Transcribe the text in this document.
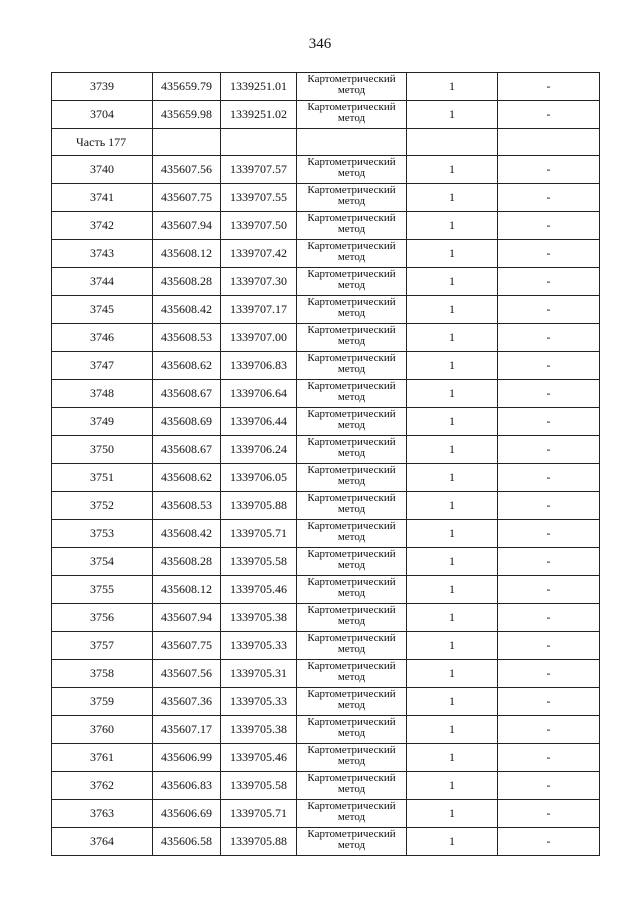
346
3739	435659.79	1339251.01	Картометрический метод	1	-
3704	435659.98	1339251.02	Картометрический метод	1	-
Часть 177					
3740	435607.56	1339707.57	Картометрический метод	1	-
3741	435607.75	1339707.55	Картометрический метод	1	-
3742	435607.94	1339707.50	Картометрический метод	1	-
3743	435608.12	1339707.42	Картометрический метод	1	-
3744	435608.28	1339707.30	Картометрический метод	1	-
3745	435608.42	1339707.17	Картометрический метод	1	-
3746	435608.53	1339707.00	Картометрический метод	1	-
3747	435608.62	1339706.83	Картометрический метод	1	-
3748	435608.67	1339706.64	Картометрический метод	1	-
3749	435608.69	1339706.44	Картометрический метод	1	-
3750	435608.67	1339706.24	Картометрический метод	1	-
3751	435608.62	1339706.05	Картометрический метод	1	-
3752	435608.53	1339705.88	Картометрический метод	1	-
3753	435608.42	1339705.71	Картометрический метод	1	-
3754	435608.28	1339705.58	Картометрический метод	1	-
3755	435608.12	1339705.46	Картометрический метод	1	-
3756	435607.94	1339705.38	Картометрический метод	1	-
3757	435607.75	1339705.33	Картометрический метод	1	-
3758	435607.56	1339705.31	Картометрический метод	1	-
3759	435607.36	1339705.33	Картометрический метод	1	-
3760	435607.17	1339705.38	Картометрический метод	1	-
3761	435606.99	1339705.46	Картометрический метод	1	-
3762	435606.83	1339705.58	Картометрический метод	1	-
3763	435606.69	1339705.71	Картометрический метод	1	-
3764	435606.58	1339705.88	Картометрический метод	1	-
